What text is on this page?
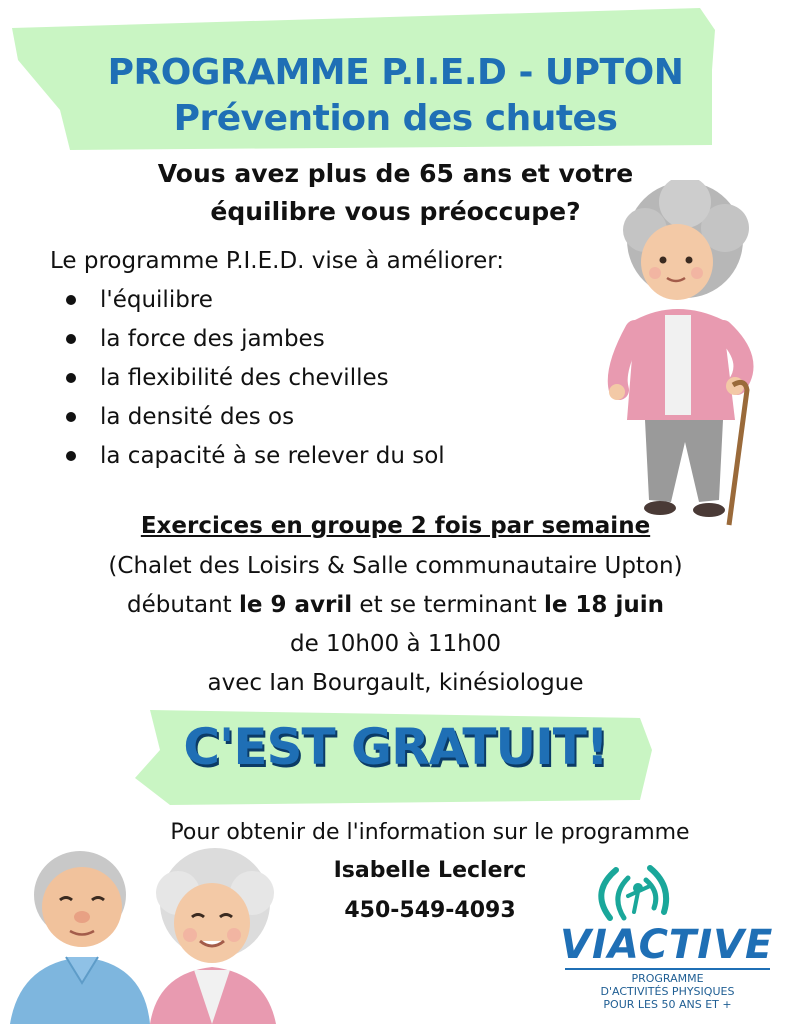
PROGRAMME P.I.E.D - UPTON
Prévention des chutes
Vous avez plus de 65 ans et votre
équilibre vous préoccupe?
Le programme P.I.E.D. vise à améliorer:
l'équilibre
la force des jambes
la flexibilité des chevilles
la densité des os
la capacité à se relever du sol
Exercices en groupe 2 fois par semaine
(Chalet des Loisirs & Salle communautaire Upton)
débutant le 9 avril et se terminant le 18 juin
de 10h00 à 11h00
avec Ian Bourgault, kinésiologue
C'EST GRATUIT!
Pour obtenir de l'information sur le programme
Isabelle Leclerc
450-549-4093
VIACTIVE
PROGRAMME
D'ACTIVITÉS PHYSIQUES
POUR LES 50 ANS ET +
